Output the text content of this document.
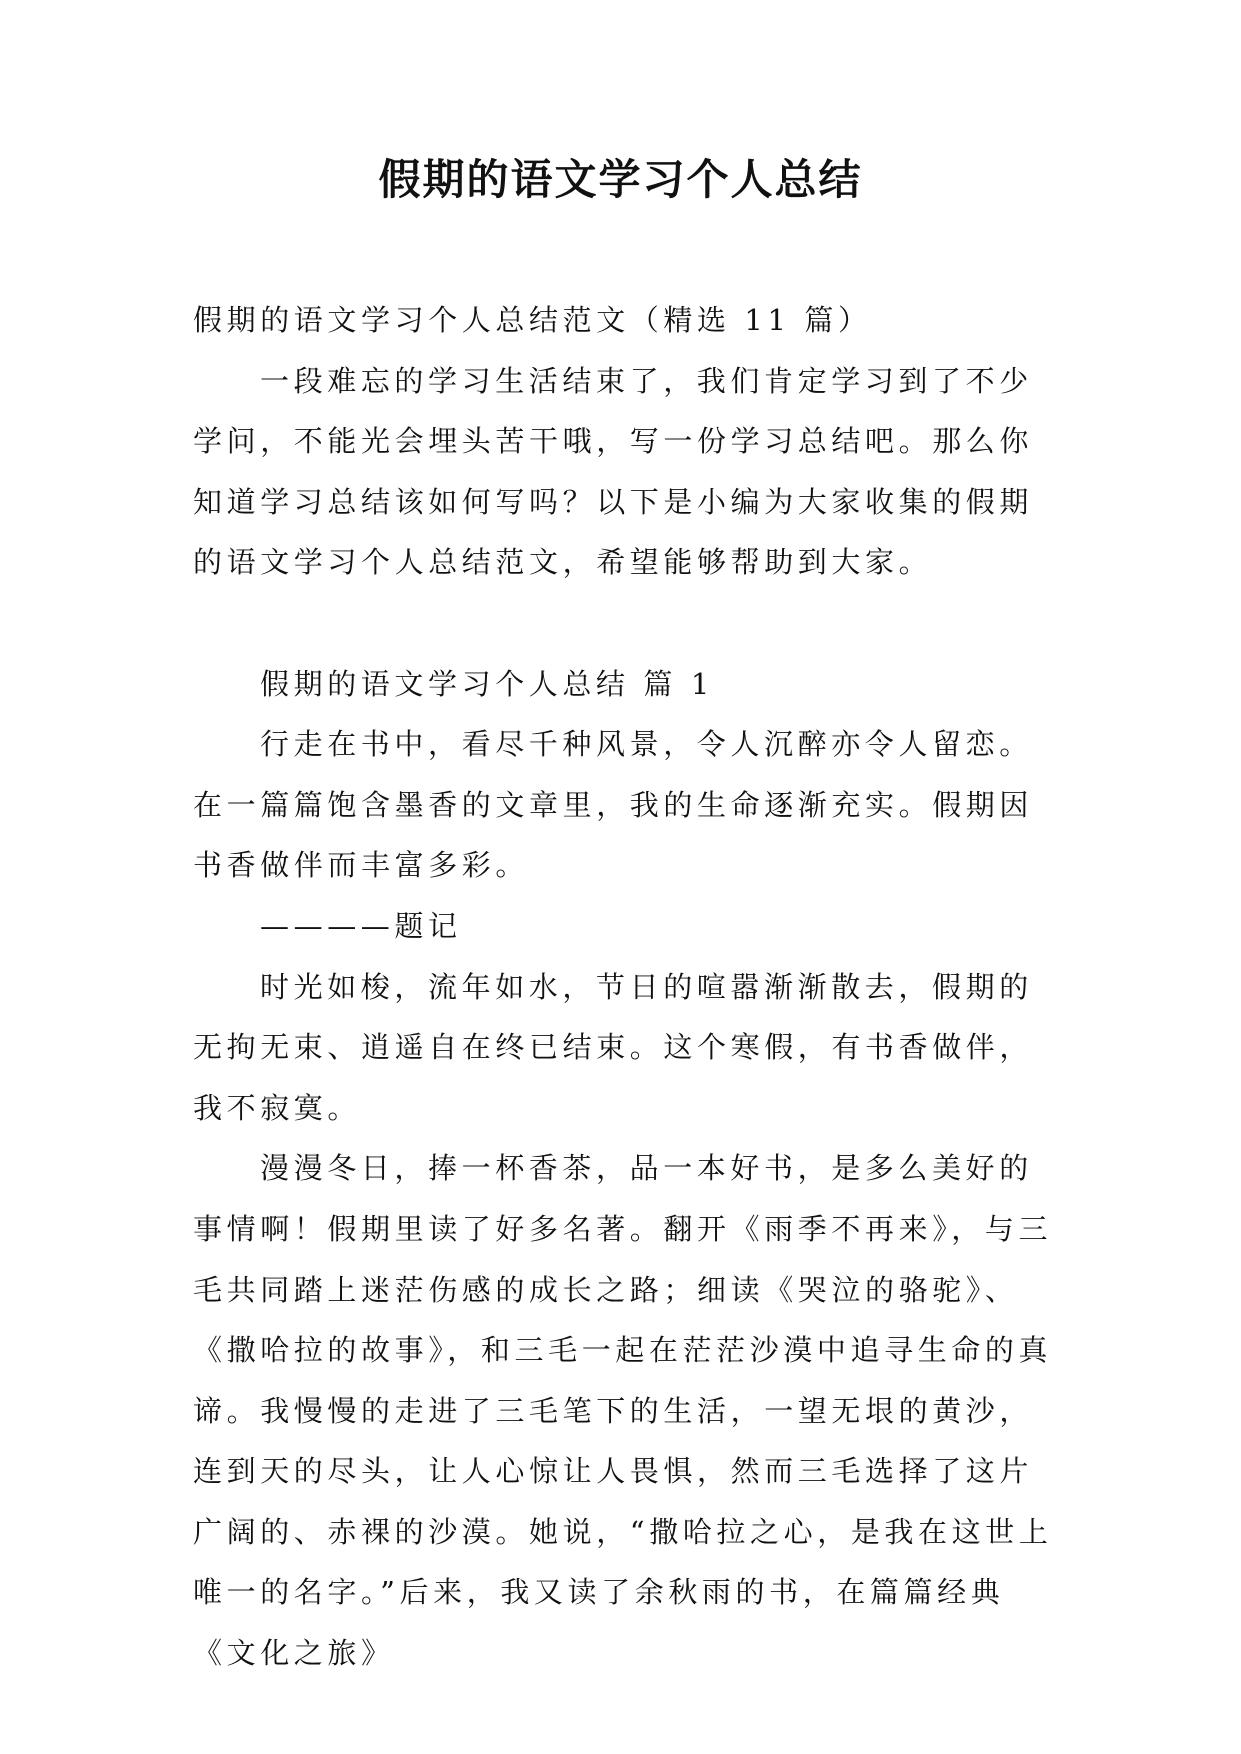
假期的语文学习个人总结

假期的语文学习个人总结范文（精选 11 篇）

一段难忘的学习生活结束了，我们肯定学习到了不少学问，不能光会埋头苦干哦，写一份学习总结吧。那么你知道学习总结该如何写吗？以下是小编为大家收集的假期的语文学习个人总结范文，希望能够帮助到大家。

假期的语文学习个人总结 篇 1

行走在书中，看尽千种风景，令人沉醉亦令人留恋。在一篇篇饱含墨香的文章里，我的生命逐渐充实。假期因书香做伴而丰富多彩。

————题记

时光如梭，流年如水，节日的喧嚣渐渐散去，假期的无拘无束、逍遥自在终已结束。这个寒假，有书香做伴，我不寂寞。

漫漫冬日，捧一杯香茶，品一本好书，是多么美好的事情啊！假期里读了好多名著。翻开《雨季不再来》，与三毛共同踏上迷茫伤感的成长之路；细读《哭泣的骆驼》、《撒哈拉的故事》，和三毛一起在茫茫沙漠中追寻生命的真谛。我慢慢的走进了三毛笔下的生活，一望无垠的黄沙，连到天的尽头，让人心惊让人畏惧，然而三毛选择了这片广阔的、赤裸的沙漠。她说，“撒哈拉之心，是我在这世上唯一的名字。”后来，我又读了余秋雨的书，在篇篇经典《文化之旅》
